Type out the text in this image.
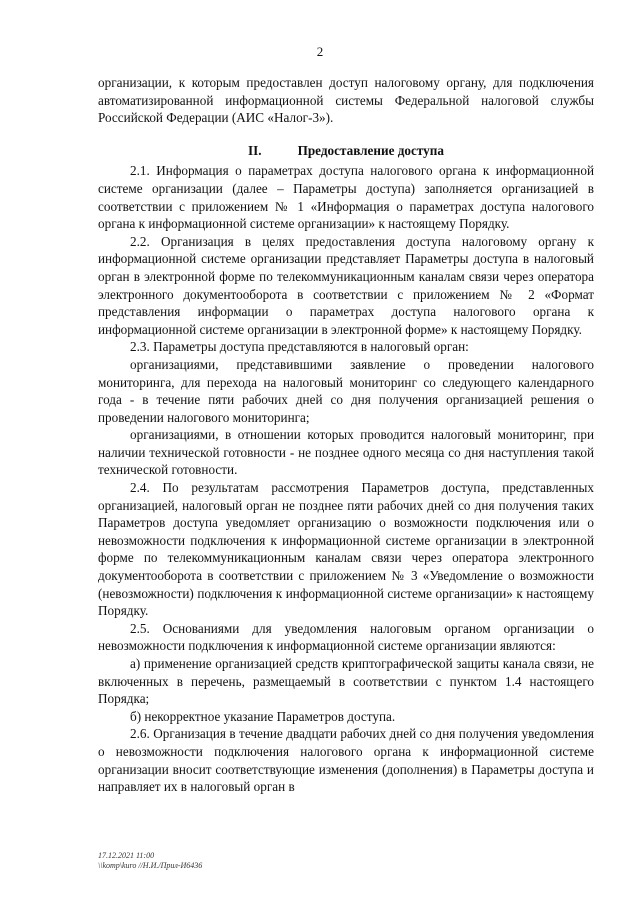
2

организации, к которым предоставлен доступ налоговому органу, для подключения автоматизированной информационной системы Федеральной налоговой службы Российской Федерации (АИС «Налог-3»).

II.	Предоставление доступа

2.1. Информация о параметрах доступа налогового органа к информационной системе организации (далее – Параметры доступа) заполняется организацией в соответствии с приложением № 1 «Информация о параметрах доступа налогового органа к информационной системе организации» к настоящему Порядку.

2.2. Организация в целях предоставления доступа налоговому органу к информационной системе организации представляет Параметры доступа в налоговый орган в электронной форме по телекоммуникационным каналам связи через оператора электронного документооборота в соответствии с приложением № 2 «Формат представления информации о параметрах доступа налогового органа к информационной системе организации в электронной форме» к настоящему Порядку.

2.3. Параметры доступа представляются в налоговый орган:

организациями, представившими заявление о проведении налогового мониторинга, для перехода на налоговый мониторинг со следующего календарного года - в течение пяти рабочих дней со дня получения организацией решения о проведении налогового мониторинга;

организациями, в отношении которых проводится налоговый мониторинг, при наличии технической готовности - не позднее одного месяца со дня наступления такой технической готовности.

2.4. По результатам рассмотрения Параметров доступа, представленных организацией, налоговый орган не позднее пяти рабочих дней со дня получения таких Параметров доступа уведомляет организацию о возможности подключения или о невозможности подключения к информационной системе организации в электронной форме по телекоммуникационным каналам связи через оператора электронного документооборота в соответствии с приложением № 3 «Уведомление о возможности (невозможности) подключения к информационной системе организации» к настоящему Порядку.

2.5. Основаниями для уведомления налоговым органом организации о невозможности подключения к информационной системе организации являются:

а) применение организацией средств криптографической защиты канала связи, не включенных в перечень, размещаемый в соответствии с пунктом 1.4 настоящего Порядка;

б) некорректное указание Параметров доступа.

2.6. Организация в течение двадцати рабочих дней со дня получения уведомления о невозможности подключения налогового органа к информационной системе организации вносит соответствующие изменения (дополнения) в Параметры доступа и направляет их в налоговый орган в

17.12.2021 11:00
\\komp\kuro //Н.И./Прил-И6436
